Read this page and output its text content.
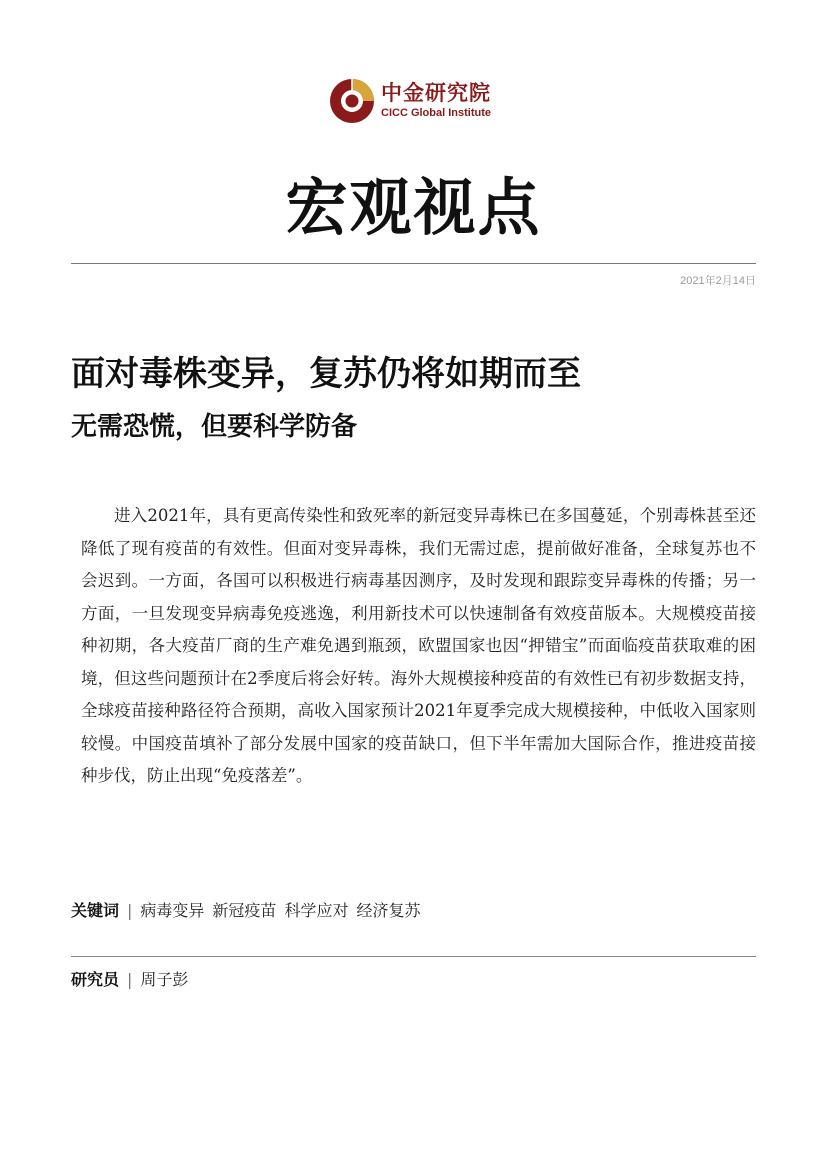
中金研究院
CICC Global Institute
宏观视点
2021年2月14日
面对毒株变异，复苏仍将如期而至
无需恐慌，但要科学防备

进入2021年，具有更高传染性和致死率的新冠变异毒株已在多国蔓延，个别毒株甚至还降低了现有疫苗的有效性。但面对变异毒株，我们无需过虑，提前做好准备，全球复苏也不会迟到。一方面，各国可以积极进行病毒基因测序，及时发现和跟踪变异毒株的传播；另一方面，一旦发现变异病毒免疫逃逸，利用新技术可以快速制备有效疫苗版本。大规模疫苗接种初期，各大疫苗厂商的生产难免遇到瓶颈，欧盟国家也因“押错宝”而面临疫苗获取难的困境，但这些问题预计在2季度后将会好转。海外大规模接种疫苗的有效性已有初步数据支持，全球疫苗接种路径符合预期，高收入国家预计2021年夏季完成大规模接种，中低收入国家则较慢。中国疫苗填补了部分发展中国家的疫苗缺口，但下半年需加大国际合作，推进疫苗接种步伐，防止出现“免疫落差”。

关键词 | 病毒变异 新冠疫苗 科学应对 经济复苏
研究员 | 周子彭
